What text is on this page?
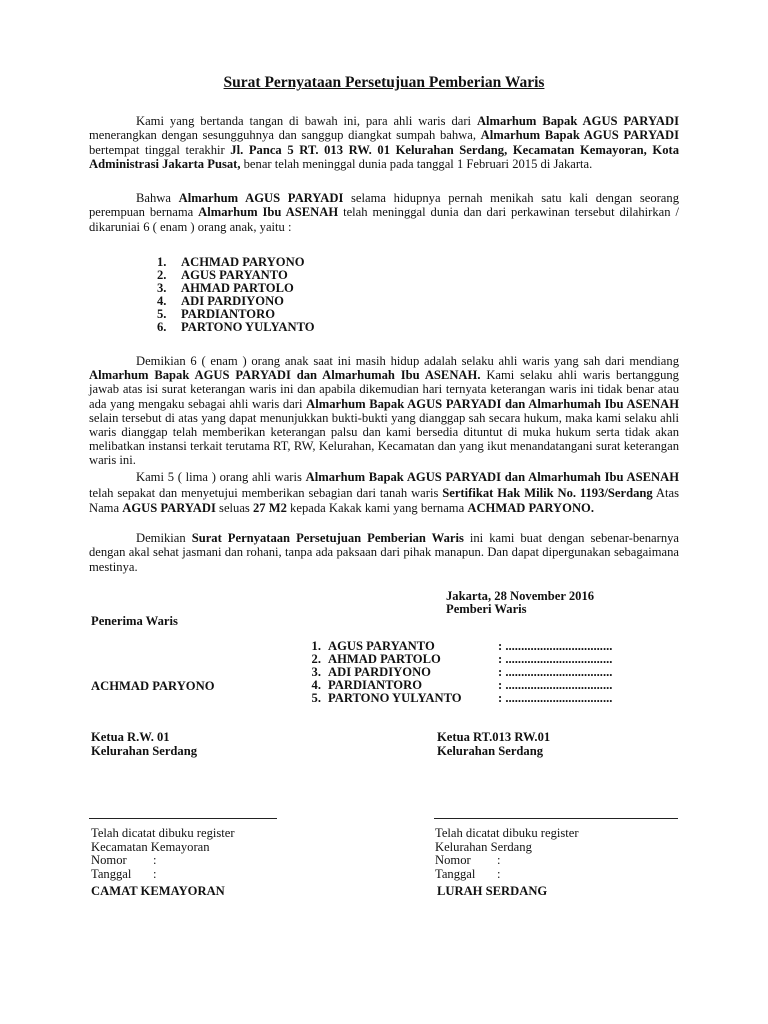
Surat Pernyataan Persetujuan Pemberian Waris
Kami yang bertanda tangan di bawah ini, para ahli waris dari Almarhum Bapak AGUS PARYADI menerangkan dengan sesungguhnya dan sanggup diangkat sumpah bahwa, Almarhum Bapak AGUS PARYADI bertempat tinggal terakhir Jl. Panca 5 RT. 013 RW. 01 Kelurahan Serdang, Kecamatan Kemayoran, Kota Administrasi Jakarta Pusat, benar telah meninggal dunia pada tanggal 1 Februari 2015 di Jakarta.
Bahwa Almarhum AGUS PARYADI selama hidupnya pernah menikah satu kali dengan seorang perempuan bernama Almarhum Ibu ASENAH telah meninggal dunia dan dari perkawinan tersebut dilahirkan / dikaruniai 6 ( enam ) orang anak, yaitu :
1.	ACHMAD PARYONO
2.	AGUS PARYANTO
3.	AHMAD PARTOLO
4.	ADI PARDIYONO
5.	PARDIANTORO
6.	PARTONO YULYANTO
Demikian 6 ( enam ) orang anak saat ini masih hidup adalah selaku ahli waris yang sah dari mendiang Almarhum Bapak AGUS PARYADI dan Almarhumah Ibu ASENAH. Kami selaku ahli waris bertanggung jawab atas isi surat keterangan waris ini dan apabila dikemudian hari ternyata keterangan waris ini tidak benar atau ada yang mengaku sebagai ahli waris dari Almarhum Bapak AGUS PARYADI dan Almarhumah Ibu ASENAH selain tersebut di atas yang dapat menunjukkan bukti-bukti yang dianggap sah secara hukum, maka kami selaku ahli waris dianggap telah memberikan keterangan palsu dan kami bersedia dituntut di muka hukum serta tidak akan melibatkan instansi terkait terutama RT, RW, Kelurahan, Kecamatan dan yang ikut menandatangani surat keterangan waris ini.
Kami 5 ( lima ) orang ahli waris Almarhum Bapak AGUS PARYADI dan Almarhumah Ibu ASENAH telah sepakat dan menyetujui memberikan sebagian dari tanah waris Sertifikat Hak Milik No. 1193/Serdang Atas Nama AGUS PARYADI seluas 27 M2 kepada Kakak kami yang bernama ACHMAD PARYONO.
Demikian Surat Pernyataan Persetujuan Pemberian Waris ini kami buat dengan sebenar-benarnya dengan akal sehat jasmani dan rohani, tanpa ada paksaan dari pihak manapun. Dan dapat dipergunakan sebagaimana mestinya.
Jakarta, 28 November 2016
Pemberi Waris
Penerima Waris
ACHMAD PARYONO
1. AGUS PARYANTO	: ..................................
2. AHMAD PARTOLO	: ..................................
3. ADI PARDIYONO	: ..................................
4. PARDIANTORO	: ..................................
5. PARTONO YULYANTO	: ..................................
Ketua R.W. 01
Kelurahan Serdang
Ketua RT.013 RW.01
Kelurahan Serdang
Telah dicatat dibuku register
Kecamatan Kemayoran
Nomor	:
Tanggal	:
CAMAT KEMAYORAN
Telah dicatat dibuku register
Kelurahan Serdang
Nomor	:
Tanggal	:
LURAH SERDANG
